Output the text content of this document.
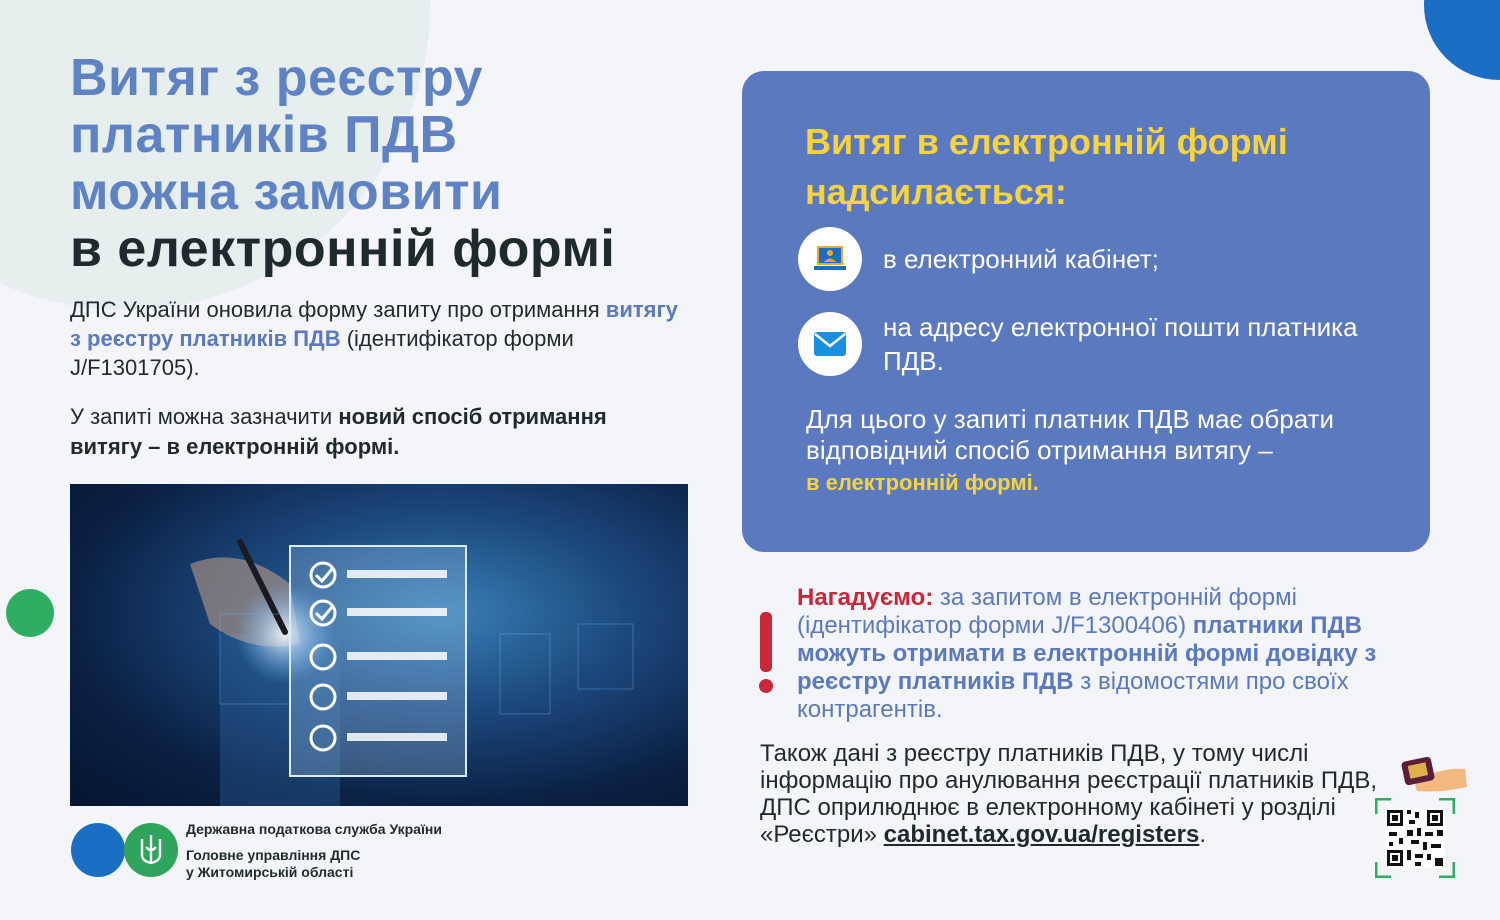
Витяг з реєстру
платників ПДВ
можна замовити
в електронній формі

ДПС України оновила форму запиту про отримання витягу з реєстру платників ПДВ (ідентифікатор форми J/F1301705).

У запиті можна зазначити новий спосіб отримання витягу – в електронній формі.

Державна податкова служба України
Головне управління ДПС
у Житомирській області
Витяг в електронній формі надсилається:
в електронний кабінет;
на адресу електронної пошти платника ПДВ.
Для цього у запиті платник ПДВ має обрати відповідний спосіб отримання витягу –
в електронній формі.
Нагадуємо: за запитом в електронній формі (ідентифікатор форми J/F1300406) платники ПДВ можуть отримати в електронній формі довідку з реєстру платників ПДВ з відомостями про своїх контрагентів.
Також дані з реєстру платників ПДВ, у тому числі інформацію про анулювання реєстрації платників ПДВ, ДПС оприлюднює в електронному кабінеті у розділі «Реєстри» cabinet.tax.gov.ua/registers.
